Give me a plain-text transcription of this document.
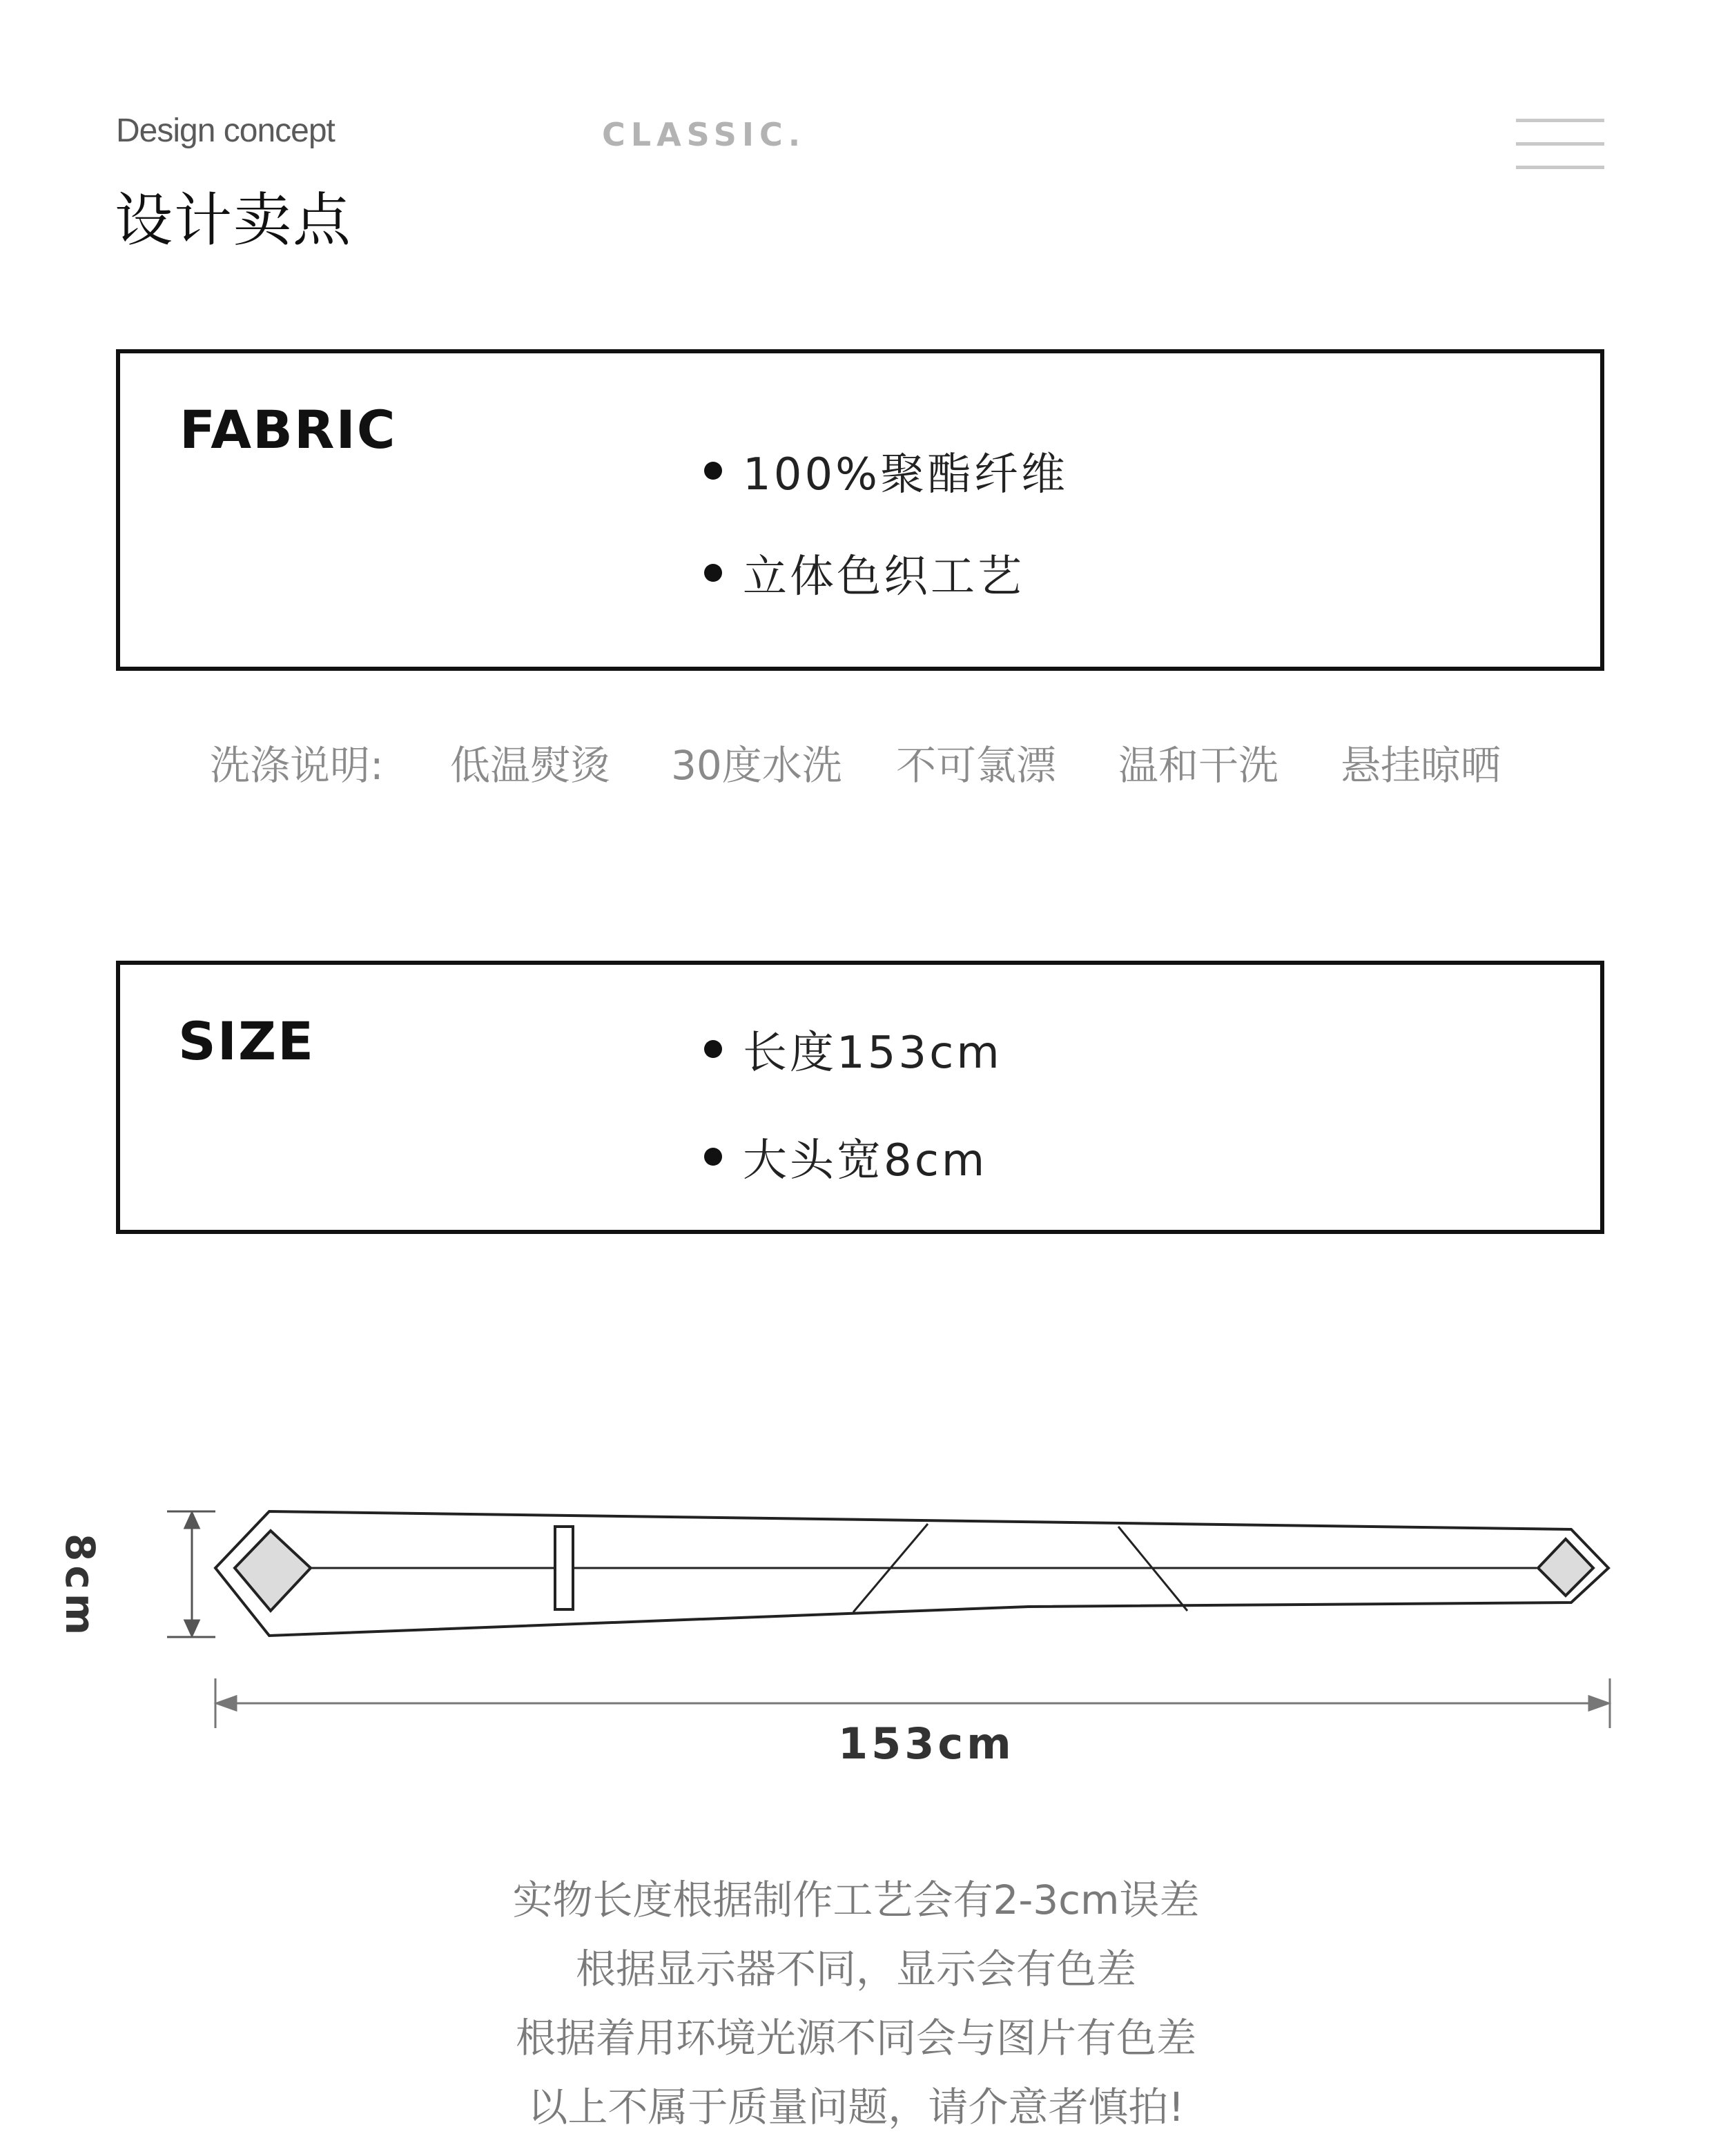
Design concept
设计卖点
CLASSIC.
FABRIC
100%聚酯纤维
立体色织工艺
洗涤说明: 低温熨烫 30度水洗 不可氯漂 温和干洗 悬挂晾晒
SIZE	长度153cm
大头宽8cm
8cm
153cm
实物长度根据制作工艺会有2-3cm误差
根据显示器不同，显示会有色差
根据着用环境光源不同会与图片有色差
以上不属于质量问题，请介意者慎拍!
